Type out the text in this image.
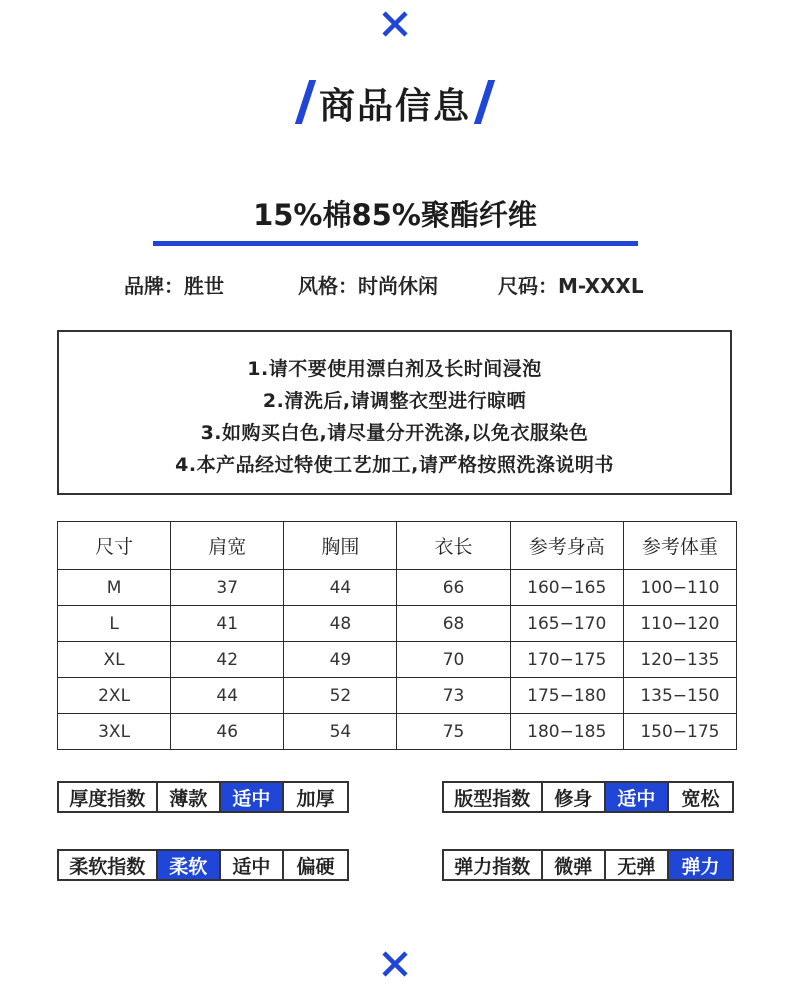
商品信息
15%棉85%聚酯纤维
品牌：胜世	风格：时尚休闲	尺码：M-XXXL
1.请不要使用漂白剂及长时间浸泡
2.清洗后,请调整衣型进行晾晒
3.如购买白色,请尽量分开洗涤,以免衣服染色
4.本产品经过特使工艺加工,请严格按照洗涤说明书
尺寸	肩宽	胸围	衣长	参考身高	参考体重
M	37	44	66	160−165	100−110
L	41	48	68	165−170	110−120
XL	42	49	70	170−175	120−135
2XL	44	52	73	175−180	135−150
3XL	46	54	75	180−185	150−175
厚度指数	薄款	适中	加厚	版型指数	修身	适中	宽松
柔软指数	柔软	适中	偏硬	弹力指数	微弹	无弹	弹力
